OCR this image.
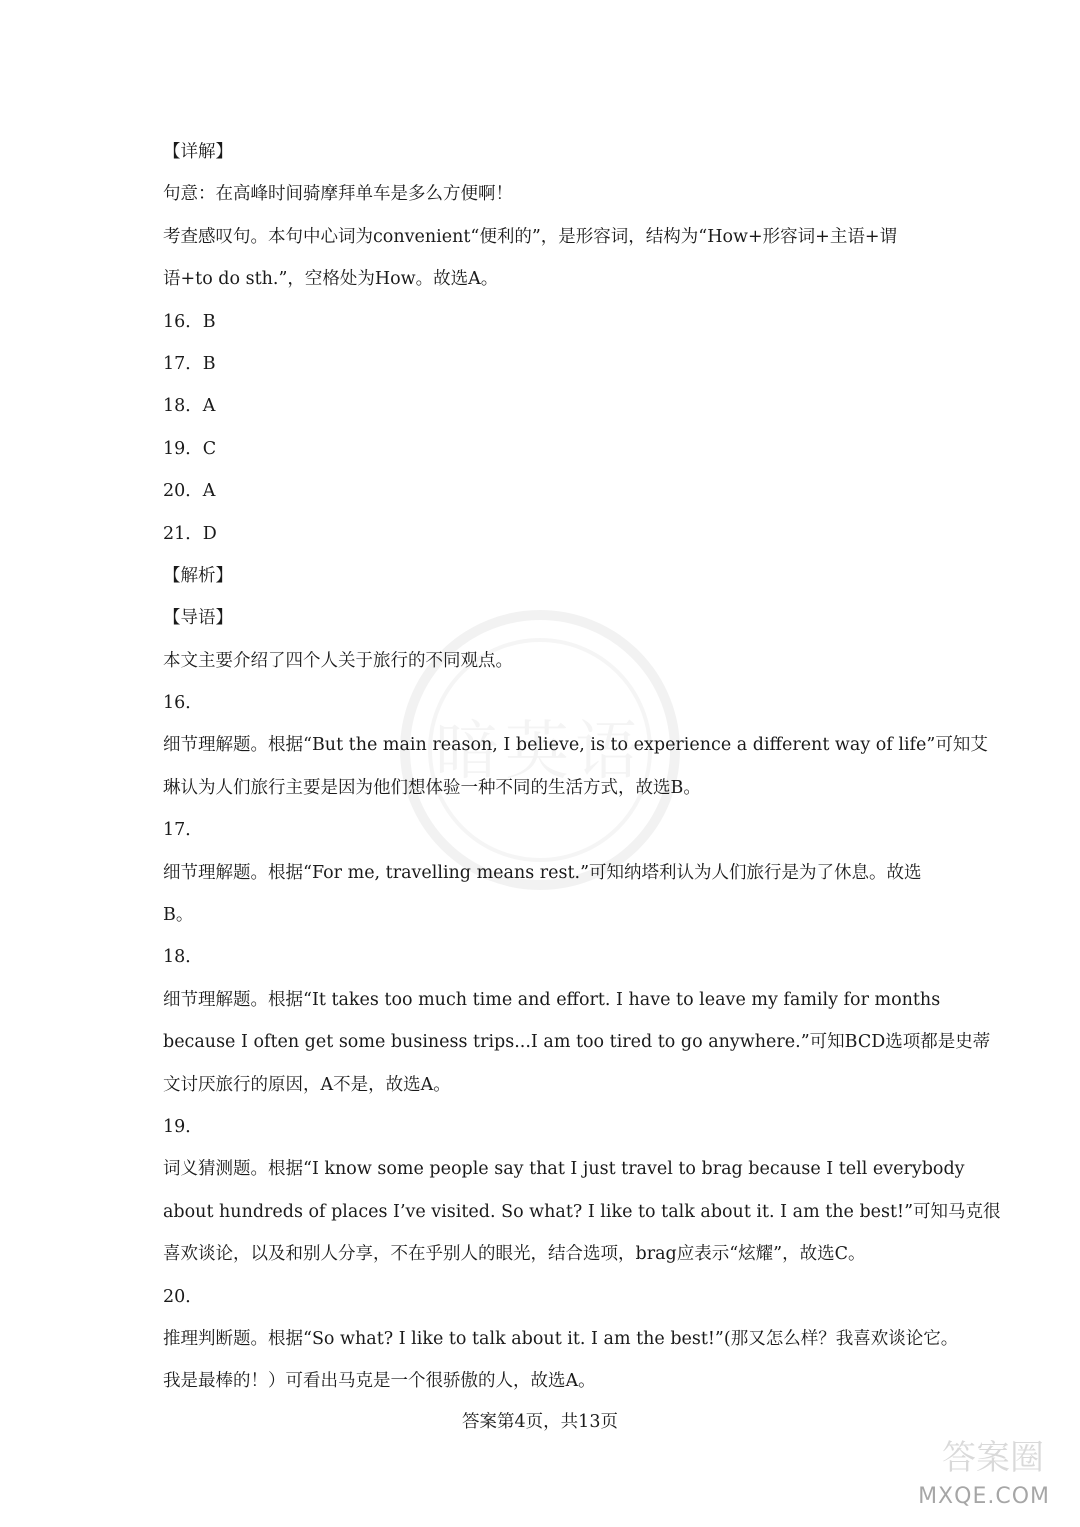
【详解】
句意：在高峰时间骑摩拜单车是多么方便啊！
考查感叹句。本句中心词为convenient“便利的”，是形容词，结构为“How+形容词+主语+谓
语+to do sth.”，空格处为How。故选A。
16．B
17．B
18．A
19．C
20．A
21．D
【解析】
【导语】
本文主要介绍了四个人关于旅行的不同观点。
16．
细节理解题。根据“But the main reason, I believe, is to experience a different way of life”可知艾
琳认为人们旅行主要是因为他们想体验一种不同的生活方式，故选B。
17．
细节理解题。根据“For me, travelling means rest.”可知纳塔利认为人们旅行是为了休息。故选
B。
18．
细节理解题。根据“It takes too much time and effort. I have to leave my family for months
because I often get some business trips...I am too tired to go anywhere.”可知BCD选项都是史蒂
文讨厌旅行的原因，A不是，故选A。
19．
词义猜测题。根据“I know some people say that I just travel to brag because I tell everybody
about hundreds of places I’ve visited. So what? I like to talk about it. I am the best!”可知马克很
喜欢谈论，以及和别人分享，不在乎别人的眼光，结合选项，brag应表示“炫耀”，故选C。
20．
推理判断题。根据“So what? I like to talk about it. I am the best!”(那又怎么样？我喜欢谈论它。
我是最棒的！）可看出马克是一个很骄傲的人，故选A。
答案第4页，共13页
答案圈
MXQE.COM
